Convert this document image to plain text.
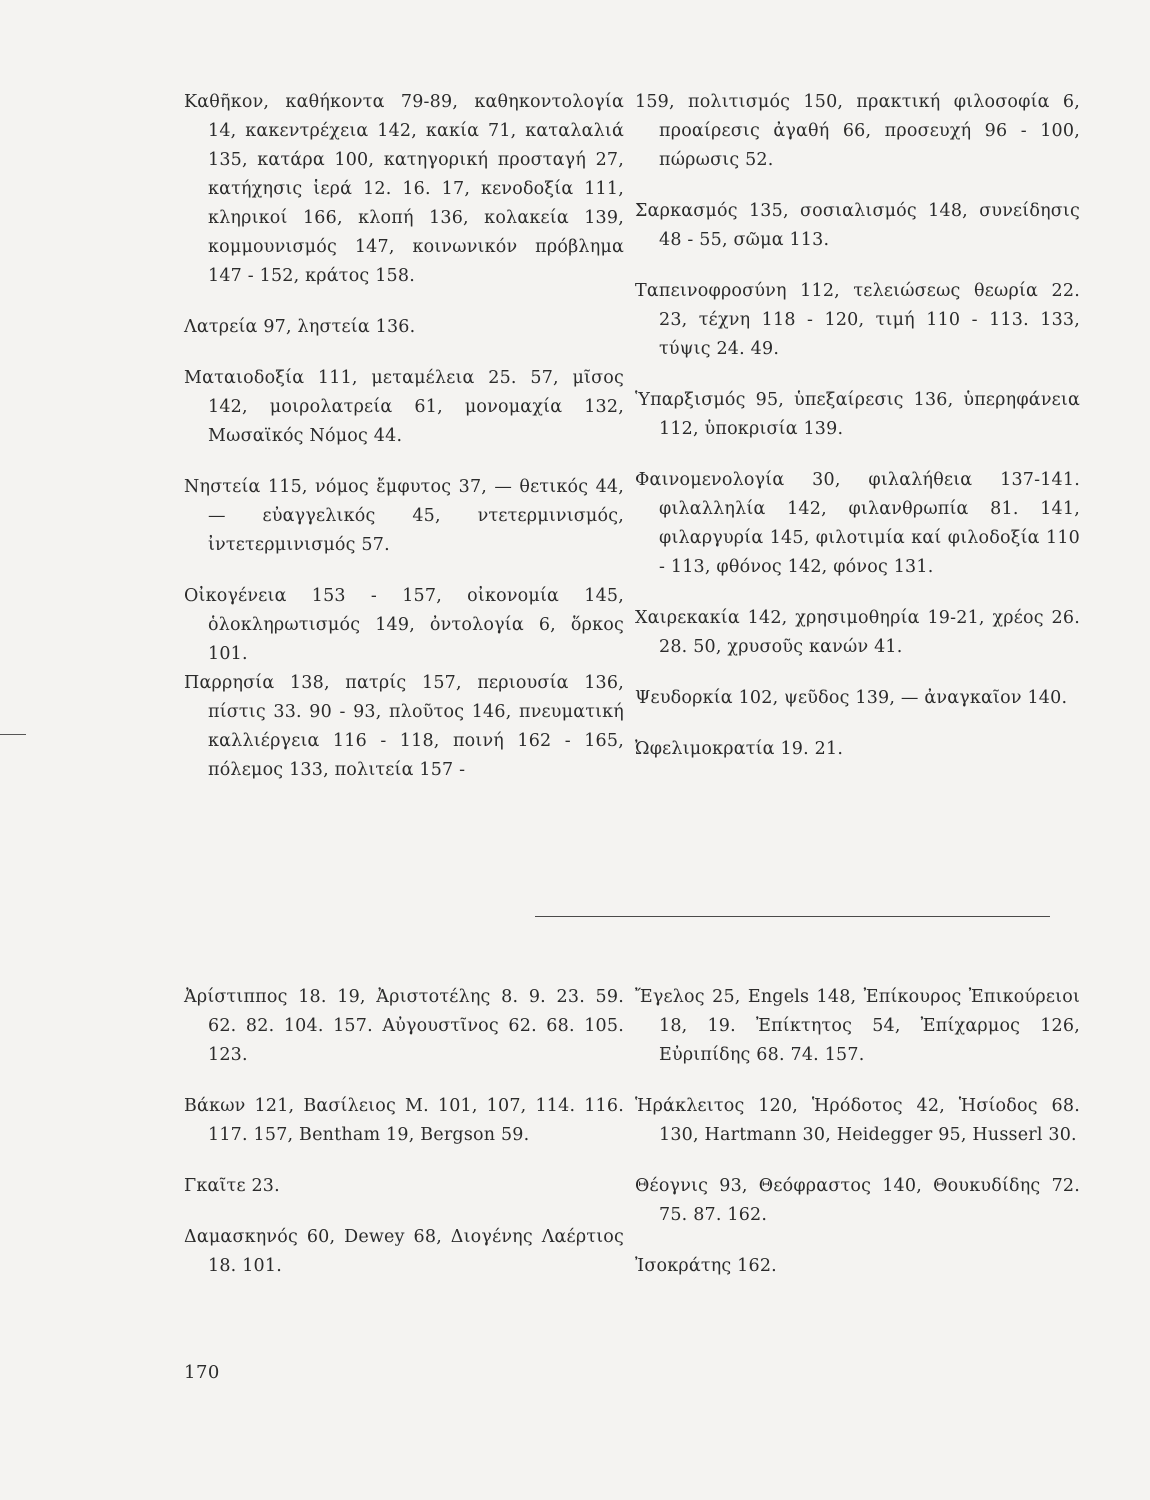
Καθῆκον, καθήκοντα 79-89, καθηκοντολογία 14, κακεντρέχεια 142, κακία 71, καταλαλιά 135, κατάρα 100, κατηγορική προσταγή 27, κατήχησις ἱερά 12. 16. 17, κενοδοξία 111, κληρικοί 166, κλοπή 136, κολακεία 139, κομμουνισμός 147, κοινωνικόν πρόβλημα 147 - 152, κράτος 158.

Λατρεία 97, ληστεία 136.

Ματαιοδοξία 111, μεταμέλεια 25. 57, μῖσος 142, μοιρολατρεία 61, μονομαχία 132, Μωσαϊκός Νόμος 44.

Νηστεία 115, νόμος ἔμφυτος 37, — θετικός 44, — εὐαγγελικός 45, ντετερμινισμός, ἰντετερμινισμός 57.

Οἰκογένεια 153 - 157, οἰκονομία 145, ὁλοκληρωτισμός 149, ὀντολογία 6, ὅρκος 101.

Παρρησία 138, πατρίς 157, περιουσία 136, πίστις 33. 90 - 93, πλοῦτος 146, πνευματική καλλιέργεια 116 - 118, ποινή 162 - 165, πόλεμος 133, πολιτεία 157 -

159, πολιτισμός 150, πρακτική φιλοσοφία 6, προαίρεσις ἀγαθή 66, προσευχή 96 - 100, πώρωσις 52.

Σαρκασμός 135, σοσιαλισμός 148, συνείδησις 48 - 55, σῶμα 113.

Ταπεινοφροσύνη 112, τελειώσεως θεωρία 22. 23, τέχνη 118 - 120, τιμή 110 - 113. 133, τύψις 24. 49.

Ὑπαρξισμός 95, ὑπεξαίρεσις 136, ὑπερηφάνεια 112, ὑποκρισία 139.

Φαινομενολογία 30, φιλαλήθεια 137-141. φιλαλληλία 142, φιλανθρωπία 81. 141, φιλαργυρία 145, φιλοτιμία καί φιλοδοξία 110 - 113, φθόνος 142, φόνος 131.

Χαιρεκακία 142, χρησιμοθηρία 19-21, χρέος 26. 28. 50, χρυσοῦς κανών 41.

Ψευδορκία 102, ψεῦδος 139, — ἀναγκαῖον 140.

Ὠφελιμοκρατία 19. 21.

Ἀρίστιππος 18. 19, Ἀριστοτέλης 8. 9. 23. 59. 62. 82. 104. 157. Αὐγουστῖνος 62. 68. 105. 123.

Βάκων 121, Βασίλειος Μ. 101, 107, 114. 116. 117. 157, Bentham 19, Bergson 59.

Γκαῖτε 23.

Δαμασκηνός 60, Dewey 68, Διογένης Λαέρτιος 18. 101.

Ἔγελος 25, Engels 148, Ἐπίκουρος Ἐπικούρειοι 18, 19. Ἐπίκτητος 54, Ἐπίχαρμος 126, Εὐριπίδης 68. 74. 157.

Ἡράκλειτος 120, Ἡρόδοτος 42, Ἡσίοδος 68. 130, Hartmann 30, Heidegger 95, Husserl 30.

Θέογνις 93, Θεόφραστος 140, Θουκυδίδης 72. 75. 87. 162.

Ἰσοκράτης 162.

170
